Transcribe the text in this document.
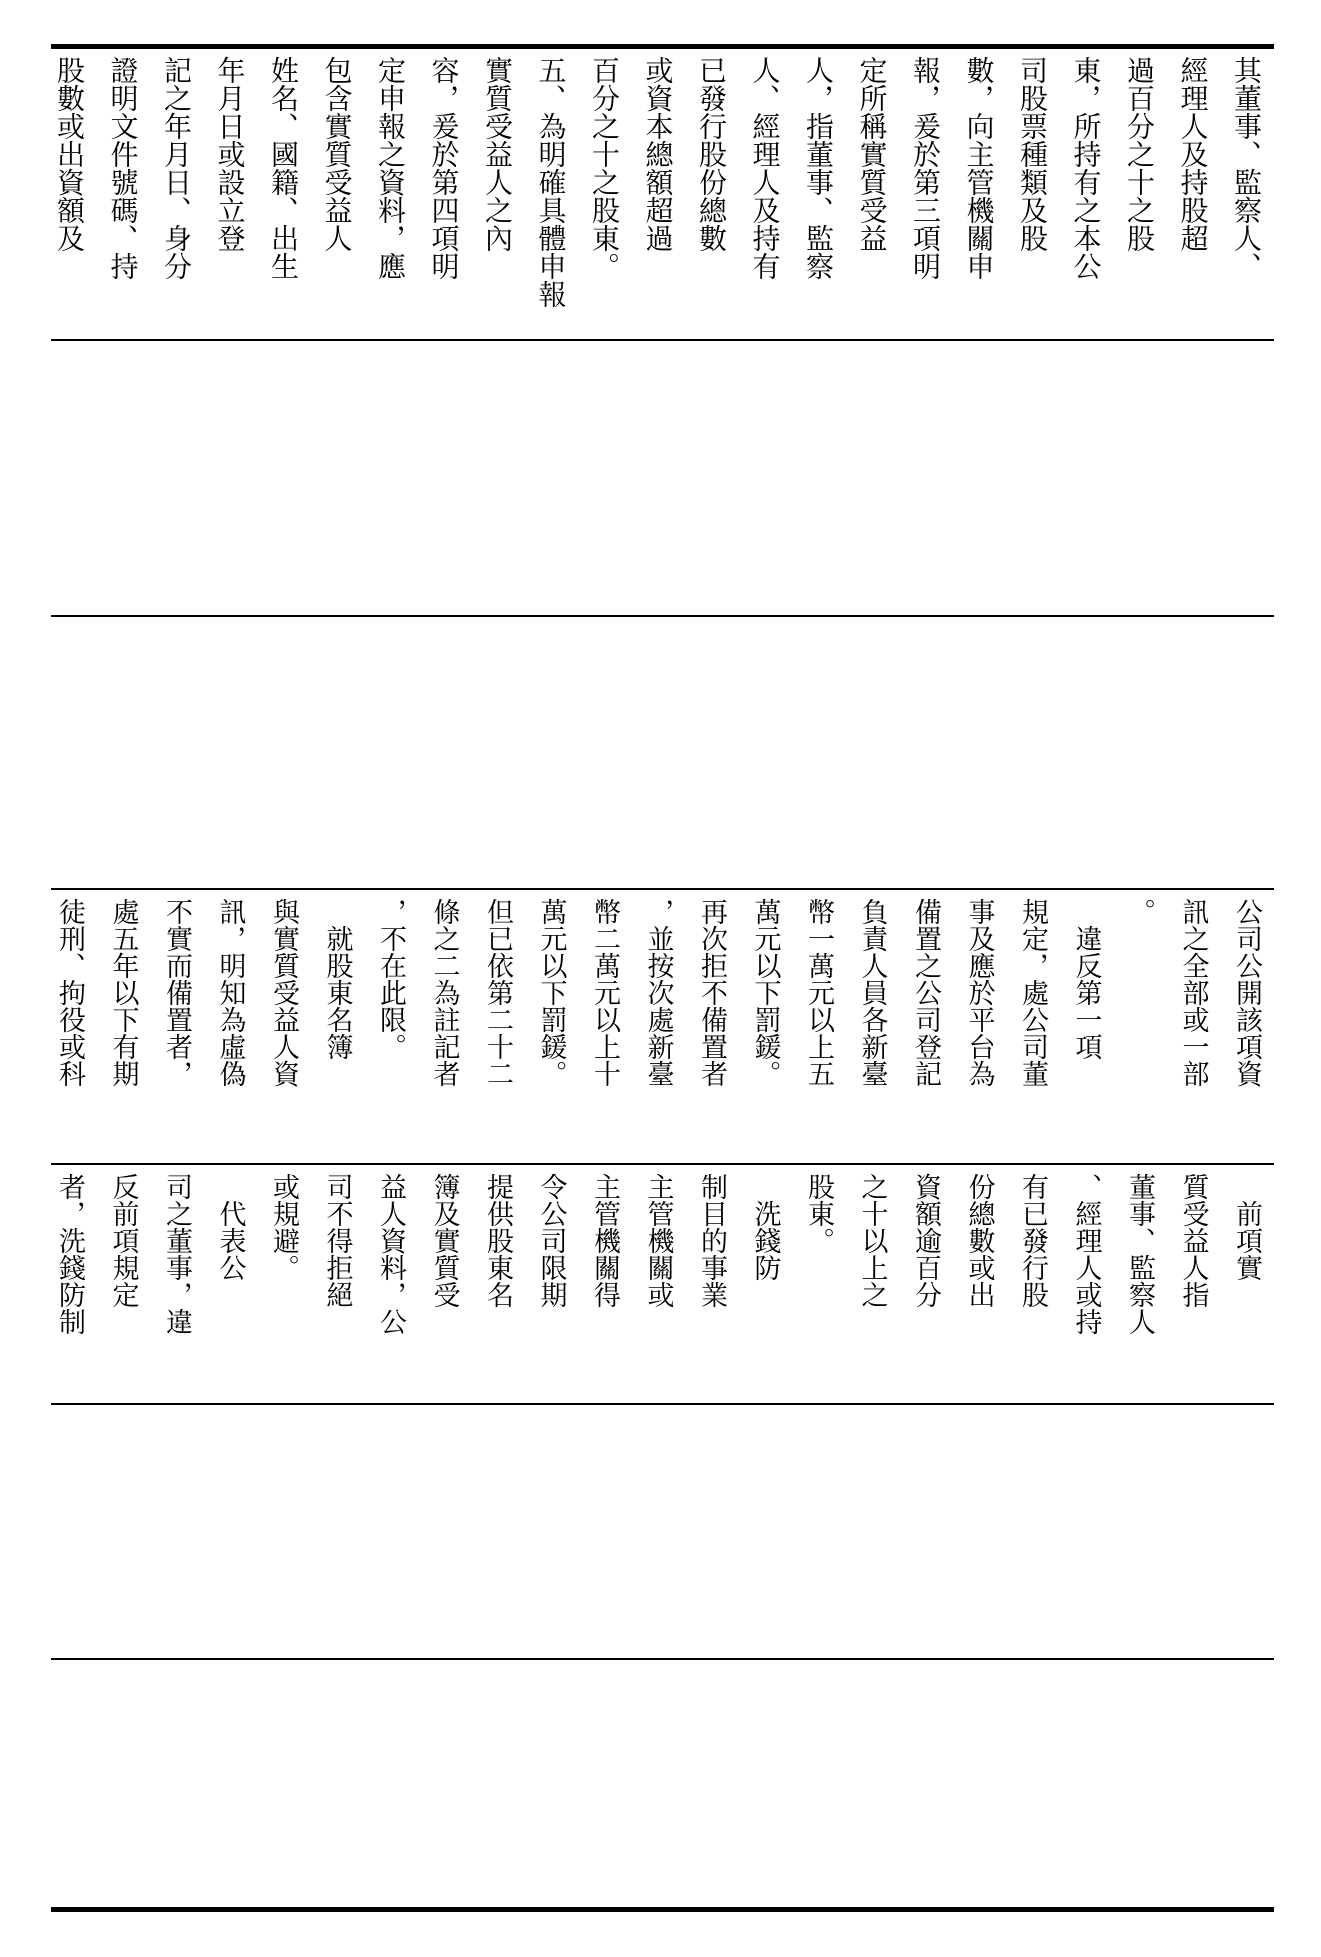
其董事、監察人、
經理人及持股超
過百分之十之股
東，所持有之本公
司股票種類及股
數，向主管機關申
報，爰於第三項明
定所稱實質受益
人，指董事、監察
人、經理人及持有
已發行股份總數
或資本總額超過
百分之十之股東。
五、為明確具體申報
實質受益人之內
容，爰於第四項明
定申報之資料，應
包含實質受益人
姓名、國籍、出生
年月日或設立登
記之年月日、身分
證明文件號碼、持
股數或出資額及
公司公開該項資
訊之全部或一部
。
　違反第一項
規定，處公司董
事及應於平台為
備置之公司登記
負責人員各新臺
幣一萬元以上五
萬元以下罰鍰。
再次拒不備置者
，並按次處新臺
幣二萬元以上十
萬元以下罰鍰。
但已依第二十二
條之二為註記者
，不在此限。
　就股東名簿
與實質受益人資
訊，明知為虛偽
不實而備置者，
處五年以下有期
徒刑、拘役或科
　前項實
質受益人指
董事、監察人
、經理人或持
有已發行股
份總數或出
資額逾百分
之十以上之
股東。
　洗錢防
制目的事業
主管機關或
主管機關得
令公司限期
提供股東名
簿及實質受
益人資料，公
司不得拒絕
或規避。
　代表公
司之董事，違
反前項規定
者，洗錢防制
